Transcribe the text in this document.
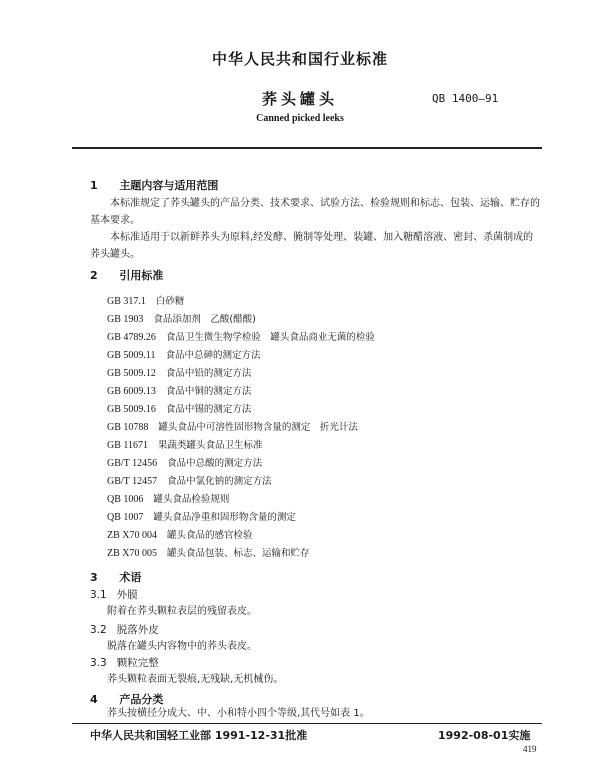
中华人民共和国行业标准
荞头罐头	QB 1400—91
Canned picked leeks
1 主题内容与适用范围
本标准规定了荞头罐头的产品分类、技术要求、试验方法、检验规则和标志、包装、运输、贮存的基本要求。
本标准适用于以新鲜荞头为原料,经发酵、腌制等处理、装罐、加入糖醋溶液、密封、杀菌制成的荞头罐头。
2 引用标准
GB 317.1 白砂糖
GB 1903 食品添加剂　乙酸(醋酸)
GB 4789.26 食品卫生微生物学检验　罐头食品商业无菌的检验
GB 5009.11 食品中总砷的测定方法
GB 5009.12 食品中铅的测定方法
GB 6009.13 食品中铜的测定方法
GB 5009.16 食品中锡的测定方法
GB 10788 罐头食品中可溶性固形物含量的测定　折光计法
GB 11671 果蔬类罐头食品卫生标准
GB/T 12456 食品中总酸的测定方法
GB/T 12457 食品中氯化钠的测定方法
QB 1006 罐头食品检验规则
QB 1007 罐头食品净重和固形物含量的测定
ZB X70 004 罐头食品的感官检验
ZB X70 005 罐头食品包装、标志、运输和贮存
3 术语
3.1 外膜
附着在荞头颗粒表层的残留表皮。
3.2 脱落外皮
脱落在罐头内容物中的荞头表皮。
3.3 颗粒完整
荞头颗粒表面无裂痕,无残缺,无机械伤。
4 产品分类
荞头按横径分成大、中、小和特小四个等级,其代号如表 1。
中华人民共和国轻工业部 1991-12-31批准	1992-08-01实施
419
